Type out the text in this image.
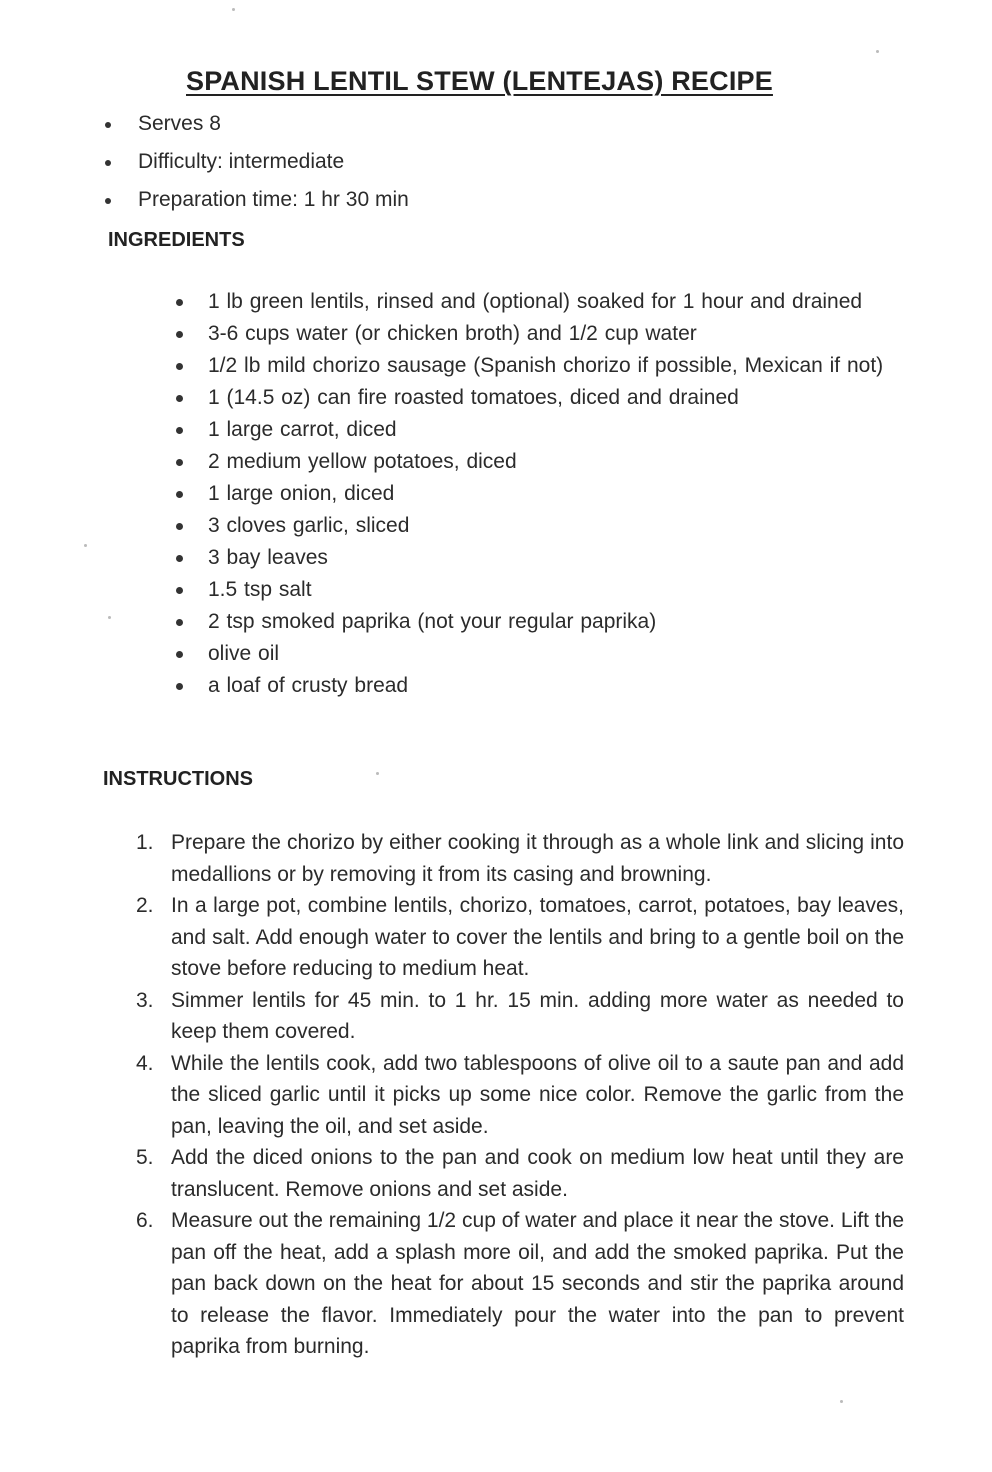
SPANISH LENTIL STEW (LENTEJAS) RECIPE
Serves 8
Difficulty: intermediate
Preparation time: 1 hr 30 min
INGREDIENTS
1 lb green lentils, rinsed and (optional) soaked for 1 hour and drained
3-6 cups water (or chicken broth) and 1/2 cup water
1/2 lb mild chorizo sausage (Spanish chorizo if possible, Mexican if not)
1 (14.5 oz) can fire roasted tomatoes, diced and drained
1 large carrot, diced
2 medium yellow potatoes, diced
1 large onion, diced
3 cloves garlic, sliced
3 bay leaves
1.5 tsp salt
2 tsp smoked paprika (not your regular paprika)
olive oil
a loaf of crusty bread
INSTRUCTIONS
1. Prepare the chorizo by either cooking it through as a whole link and slicing into medallions or by removing it from its casing and browning.
2. In a large pot, combine lentils, chorizo, tomatoes, carrot, potatoes, bay leaves, and salt. Add enough water to cover the lentils and bring to a gentle boil on the stove before reducing to medium heat.
3. Simmer lentils for 45 min. to 1 hr. 15 min. adding more water as needed to keep them covered.
4. While the lentils cook, add two tablespoons of olive oil to a saute pan and add the sliced garlic until it picks up some nice color. Remove the garlic from the pan, leaving the oil, and set aside.
5. Add the diced onions to the pan and cook on medium low heat until they are translucent. Remove onions and set aside.
6. Measure out the remaining 1/2 cup of water and place it near the stove. Lift the pan off the heat, add a splash more oil, and add the smoked paprika. Put the pan back down on the heat for about 15 seconds and stir the paprika around to release the flavor. Immediately pour the water into the pan to prevent paprika from burning.
